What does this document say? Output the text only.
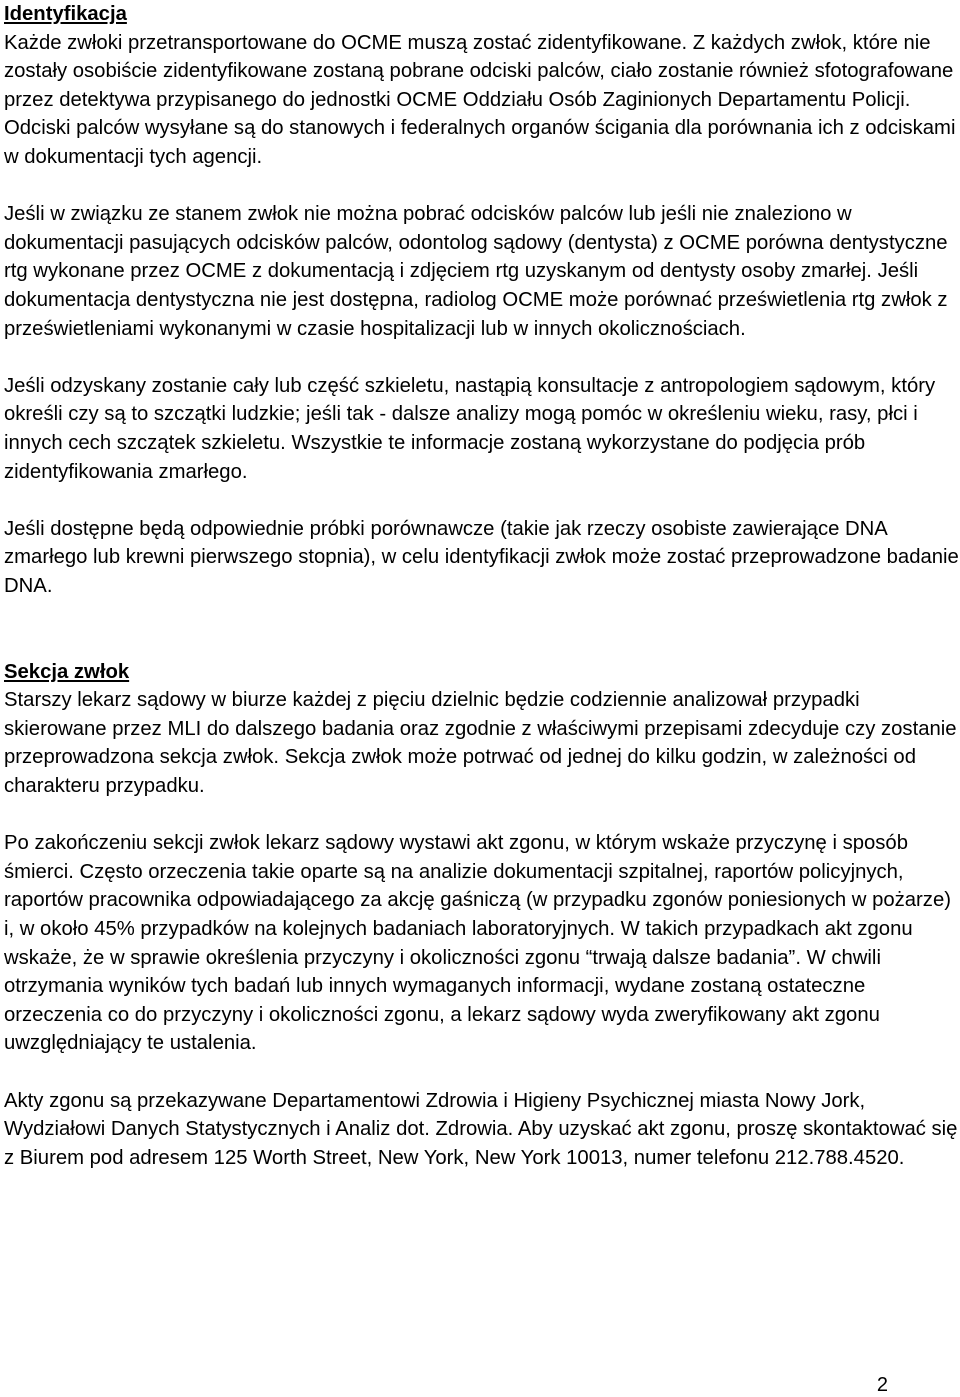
Identyfikacja

Każde zwłoki przetransportowane do OCME muszą zostać zidentyfikowane. Z każdych zwłok, które nie zostały osobiście zidentyfikowane zostaną pobrane odciski palców, ciało zostanie również sfotografowane przez detektywa przypisanego do jednostki OCME Oddziału Osób Zaginionych Departamentu Policji. Odciski palców wysyłane są do stanowych i federalnych organów ścigania dla porównania ich z odciskami w dokumentacji tych agencji.

Jeśli w związku ze stanem zwłok nie można pobrać odcisków palców lub jeśli nie znaleziono w dokumentacji pasujących odcisków palców, odontolog sądowy (dentysta) z OCME porówna dentystyczne rtg wykonane przez OCME z dokumentacją i zdjęciem rtg uzyskanym od dentysty osoby zmarłej. Jeśli dokumentacja dentystyczna nie jest dostępna, radiolog OCME może porównać prześwietlenia rtg zwłok z prześwietleniami wykonanymi w czasie hospitalizacji lub w innych okolicznościach.

Jeśli odzyskany zostanie cały lub część szkieletu, nastąpią konsultacje z antropologiem sądowym, który określi czy są to szczątki ludzkie; jeśli tak - dalsze analizy mogą pomóc w określeniu wieku, rasy, płci i innych cech szczątek szkieletu. Wszystkie te informacje zostaną wykorzystane do podjęcia prób zidentyfikowania zmarłego.

Jeśli dostępne będą odpowiednie próbki porównawcze (takie jak rzeczy osobiste zawierające DNA zmarłego lub krewni pierwszego stopnia), w celu identyfikacji zwłok może zostać przeprowadzone badanie DNA.

Sekcja zwłok

Starszy lekarz sądowy w biurze każdej z pięciu dzielnic będzie codziennie analizował przypadki skierowane przez MLI do dalszego badania oraz zgodnie z właściwymi przepisami zdecyduje czy zostanie przeprowadzona sekcja zwłok. Sekcja zwłok może potrwać od jednej do kilku godzin, w zależności od charakteru przypadku.

Po zakończeniu sekcji zwłok lekarz sądowy wystawi akt zgonu, w którym wskaże przyczynę i sposób śmierci. Często orzeczenia takie oparte są na analizie dokumentacji szpitalnej, raportów policyjnych, raportów pracownika odpowiadającego za akcję gaśniczą (w przypadku zgonów poniesionych w pożarze) i, w około 45% przypadków na kolejnych badaniach laboratoryjnych. W takich przypadkach akt zgonu wskaże, że w sprawie określenia przyczyny i okoliczności zgonu “trwają dalsze badania”. W chwili otrzymania wyników tych badań lub innych wymaganych informacji, wydane zostaną ostateczne orzeczenia co do przyczyny i okoliczności zgonu, a lekarz sądowy wyda zweryfikowany akt zgonu uwzględniający te ustalenia.

Akty zgonu są przekazywane Departamentowi Zdrowia i Higieny Psychicznej miasta Nowy Jork, Wydziałowi Danych Statystycznych i Analiz dot. Zdrowia. Aby uzyskać akt zgonu, proszę skontaktować się z Biurem pod adresem 125 Worth Street, New York, New York 10013, numer telefonu 212.788.4520.

2
